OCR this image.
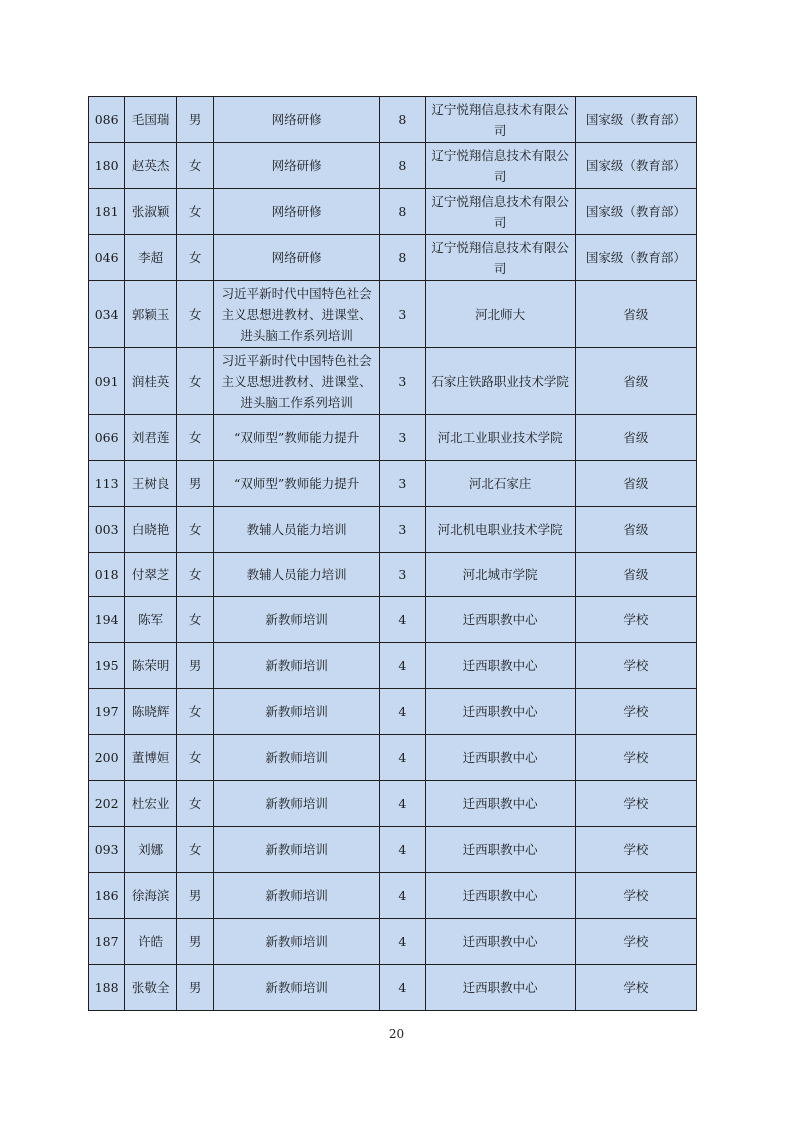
086	毛国瑞	男	网络研修	8	辽宁悦翔信息技术有限公司	国家级（教育部）
180	赵英杰	女	网络研修	8	辽宁悦翔信息技术有限公司	国家级（教育部）
181	张淑颖	女	网络研修	8	辽宁悦翔信息技术有限公司	国家级（教育部）
046	李超	女	网络研修	8	辽宁悦翔信息技术有限公司	国家级（教育部）
034	郭颖玉	女	习近平新时代中国特色社会主义思想进教材、进课堂、进头脑工作系列培训	3	河北师大	省级
091	润桂英	女	习近平新时代中国特色社会主义思想进教材、进课堂、进头脑工作系列培训	3	石家庄铁路职业技术学院	省级
066	刘君莲	女	“双师型”教师能力提升	3	河北工业职业技术学院	省级
113	王树良	男	“双师型”教师能力提升	3	河北石家庄	省级
003	白晓艳	女	教辅人员能力培训	3	河北机电职业技术学院	省级
018	付翠芝	女	教辅人员能力培训	3	河北城市学院	省级
194	陈军	女	新教师培训	4	迁西职教中心	学校
195	陈荣明	男	新教师培训	4	迁西职教中心	学校
197	陈晓辉	女	新教师培训	4	迁西职教中心	学校
200	董博姮	女	新教师培训	4	迁西职教中心	学校
202	杜宏业	女	新教师培训	4	迁西职教中心	学校
093	刘娜	女	新教师培训	4	迁西职教中心	学校
186	徐海滨	男	新教师培训	4	迁西职教中心	学校
187	许皓	男	新教师培训	4	迁西职教中心	学校
188	张敬全	男	新教师培训	4	迁西职教中心	学校
20
